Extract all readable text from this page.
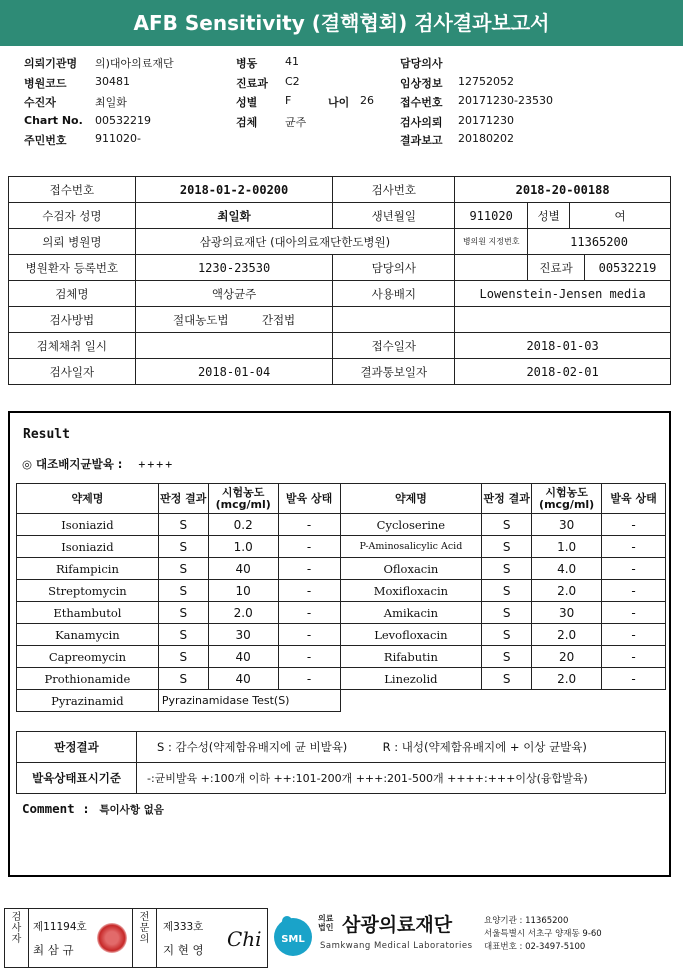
AFB Sensitivity (결핵협회) 검사결과보고서
의뢰기관명 의)대아의료재단	병동	41	담당의사
병원코드	30481	진료과 C2	임상정보 12752052
수진자	최일화	성별	F	나이 26 접수번호 20171230-23530
Chart No. 00532219	검체	균주	검사의뢰 20171230
주민번호	911020-	결과보고 20180202
접수번호	2018-01-2-00200	검사번호	2018-20-00188			
수검자 성명	최일화	생년월일	911020	성별	여	
의뢰 병원명	삼광의료재단 (대아의료재단한도병원)		병의원 지정번호	11365200		
병원환자 등록번호	1230-23530	담당의사		진료과		00532219
검체명	액상균주	사용배지	Lowenstein-Jensen media			
검사방법	절대농도법 간접법					
검체채취 일시		접수일자	2018-01-03			
검사일자	2018-01-04	결과통보일자	2018-02-01			
Result
◎ 대조배지균발육 : ++++
약제명	판정 결과	시험농도 (mcg/ml)	발육 상태	약제명	판정 결과	시험농도 (mcg/ml)	발육 상태
Isoniazid	S	0.2	-	Cycloserine	S	30	-
Isoniazid	S	1.0	-	P-Aminosalicylic Acid	S	1.0	-
Rifampicin	S	40	-	Ofloxacin	S	4.0	-
Streptomycin	S	10	-	Moxifloxacin	S	2.0	-
Ethambutol	S	2.0	-	Amikacin	S	30	-
Kanamycin	S	30	-	Levofloxacin	S	2.0	-
Capreomycin	S	40	-	Rifabutin	S	20	-
Prothionamide	S	40	-	Linezolid	S	2.0	-
Pyrazinamid	Pyrazinamidase Test(S)						
판정결과	S : 감수성(약제함유배지에 균 비발육) R : 내성(약제함유배지에 + 이상 균발육)
발육상태표시기준	-:균비발육 +:100개 이하 ++:101-200개 +++:201-500개 ++++:+++이상(융합발육)
Comment : 특이사항 없음
검
사
자
제11194호
최 삼 규
전
문
의
제333호
지 현 영 Chi SML
의료 법인 삼광의료재단
Samkwang Medical Laboratories
요양기관 : 11365200
서울특별시 서초구 양재동 9-60
대표번호 : 02-3497-5100
